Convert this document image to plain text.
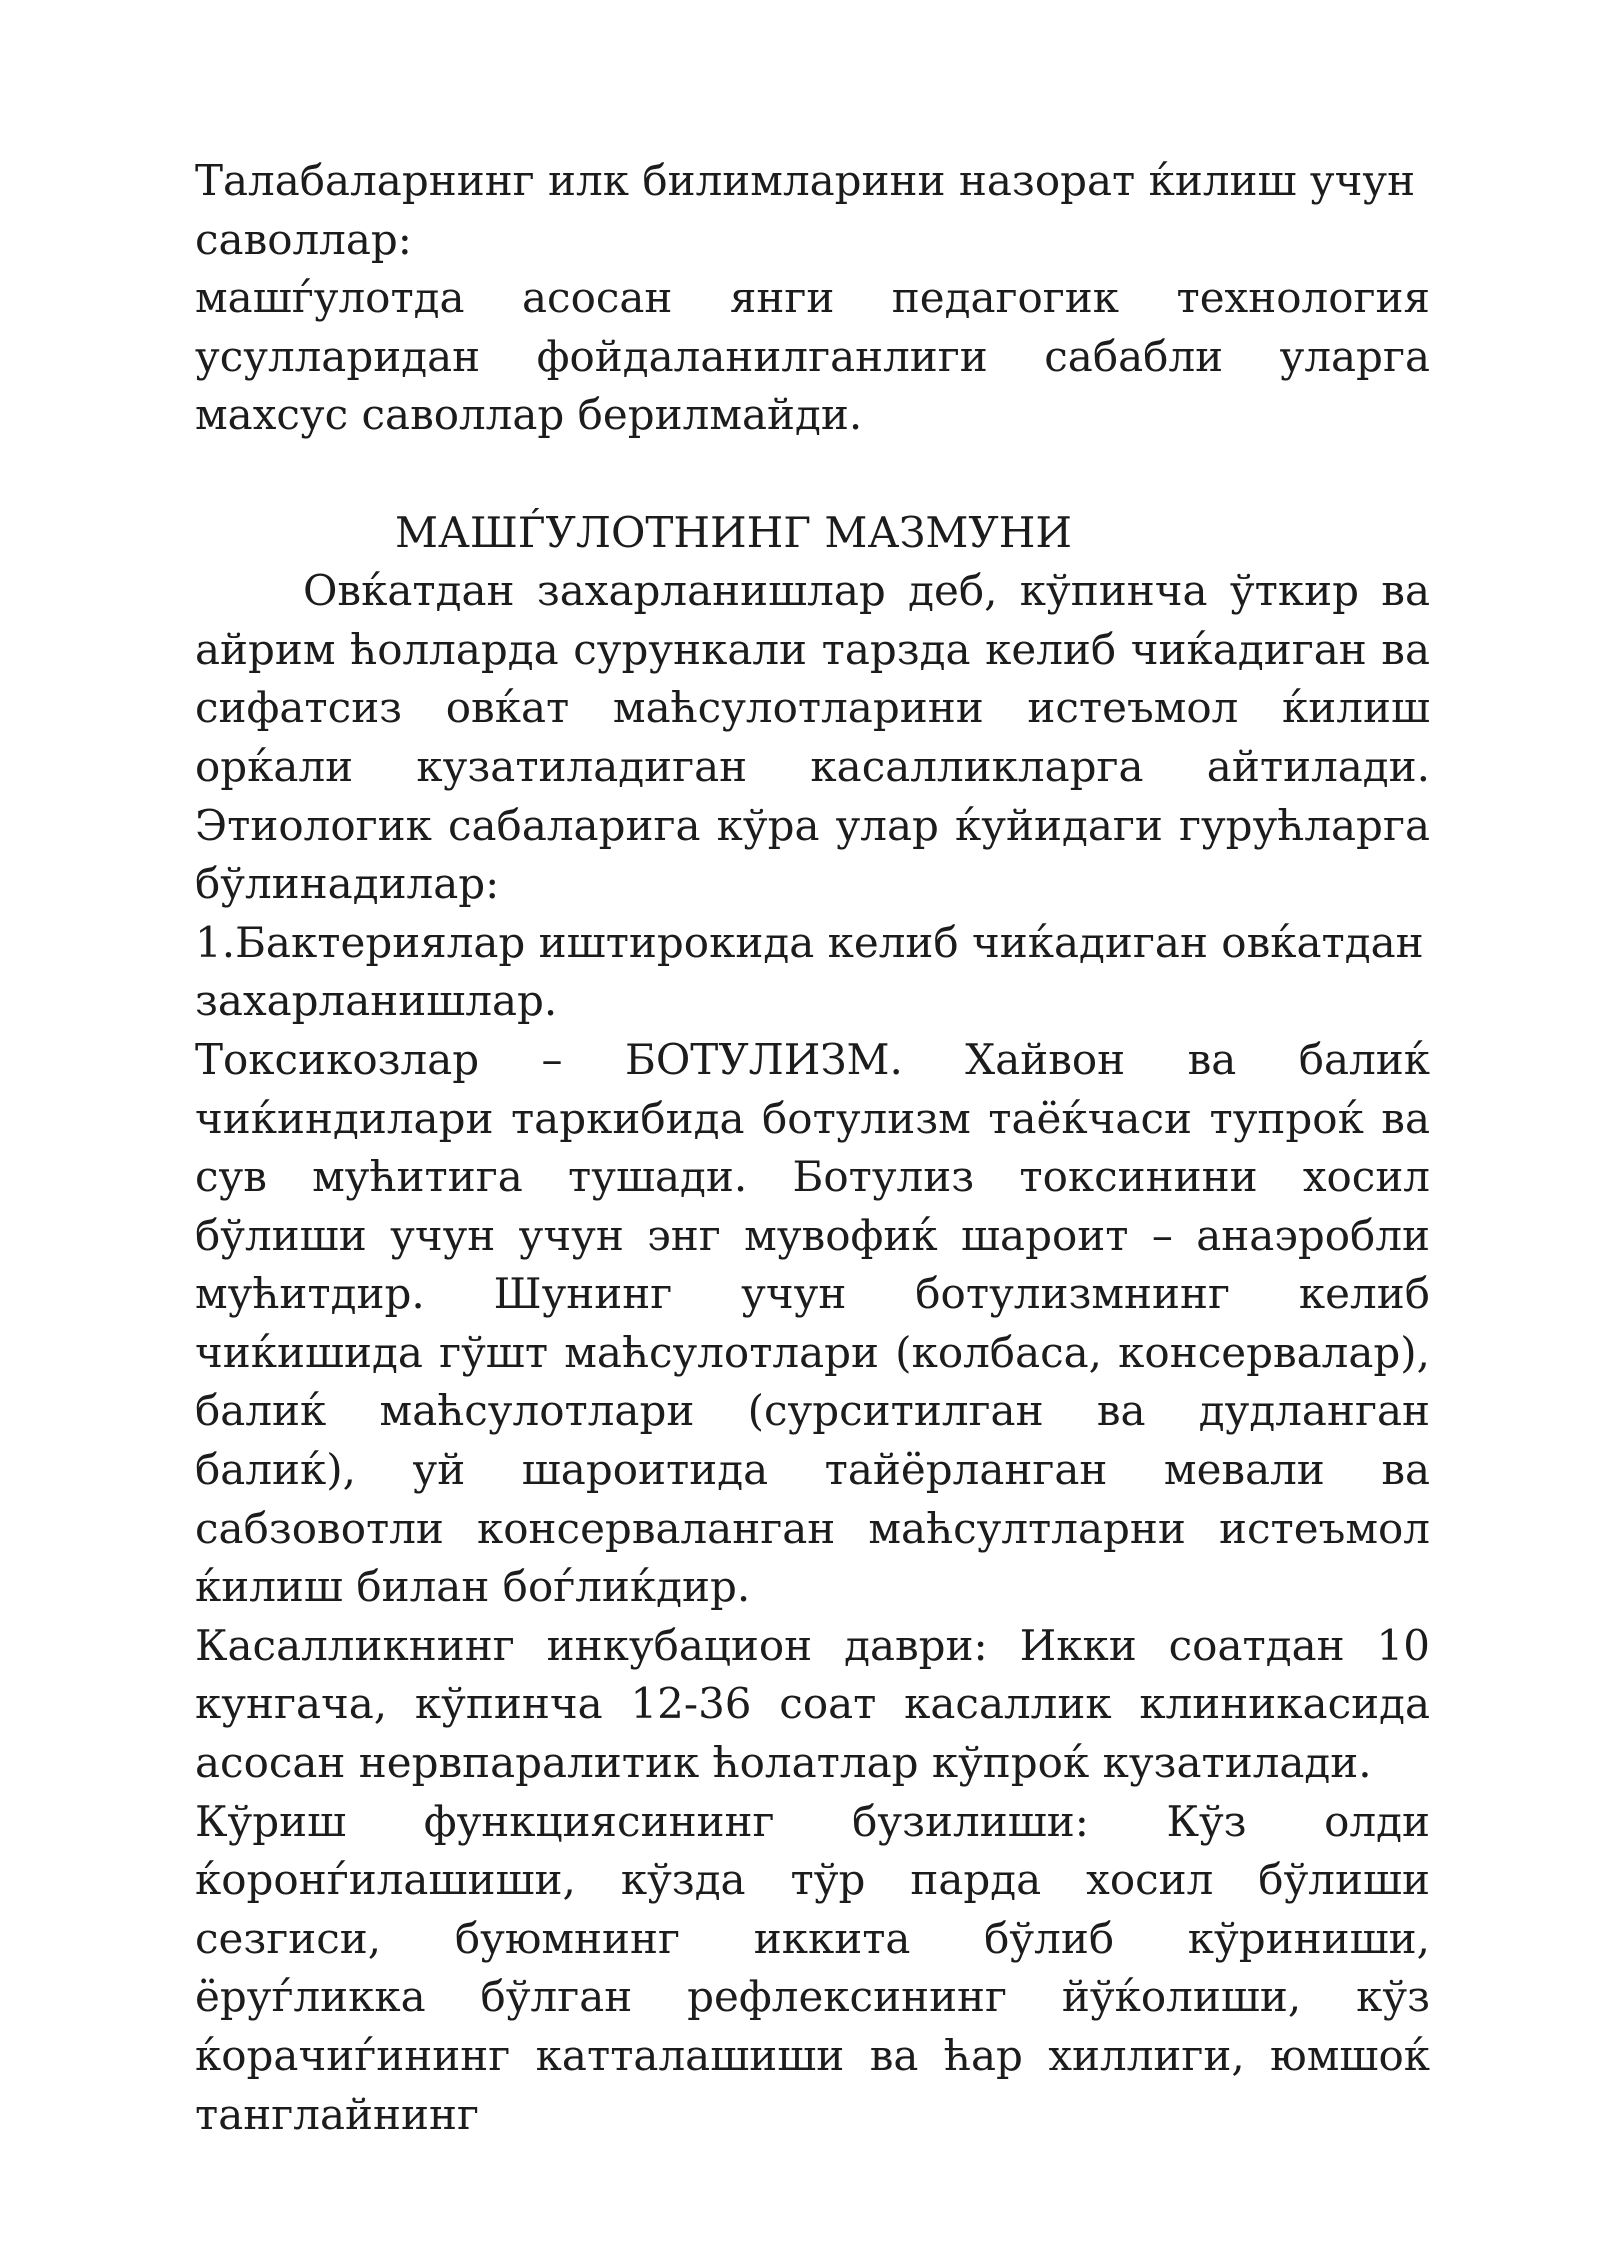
Талабаларнинг илк билимларини назорат ќилиш учун саволлар:

машѓулотда асосан янги педагогик технология усулларидан фойдаланилганлиги сабабли уларга махсус саволлар берилмайди.

МАШЃУЛОТНИНГ МАЗМУНИ

Овќатдан захарланишлар деб, кўпинча ўткир ва айрим ћолларда сурункали тарзда келиб чиќадиган ва сифатсиз овќат маћсулотларини истеъмол ќилиш орќали кузатиладиган касалликларга айтилади. Этиологик сабаларига кўра улар ќуйидаги гурућларга бўлинадилар:

1.Бактериялар иштирокида келиб чиќадиган овќатдан захарланишлар.

Токсикозлар – БОТУЛИЗМ. Хайвон ва балиќ чиќиндилари таркибида ботулизм таёќчаси тупроќ ва сув мућитига тушади. Ботулиз токсинини хосил бўлиши учун учун энг мувофиќ шароит – анаэробли мућитдир. Шунинг учун ботулизмнинг келиб чиќишида гўшт маћсулотлари (колбаса, консервалар), балиќ маћсулотлари (сурситилган ва дудланган балиќ), уй шароитида тайёрланган мевали ва сабзовотли консерваланган маћсултларни истеъмол ќилиш билан боѓлиќдир.

Касалликнинг инкубацион даври: Икки соатдан 10 кунгача, кўпинча 12-36 соат касаллик клиникасида асосан нервпаралитик ћолатлар кўпроќ кузатилади.

Кўриш функциясининг бузилиши: Кўз олди ќоронѓилашиши, кўзда тўр парда хосил бўлиши сезгиси, буюмнинг иккита бўлиб кўриниши, ёруѓликка бўлган рефлексининг йўќолиши, кўз ќорачиѓининг катталашиши ва ћар хиллиги, юмшоќ танглайнинг
